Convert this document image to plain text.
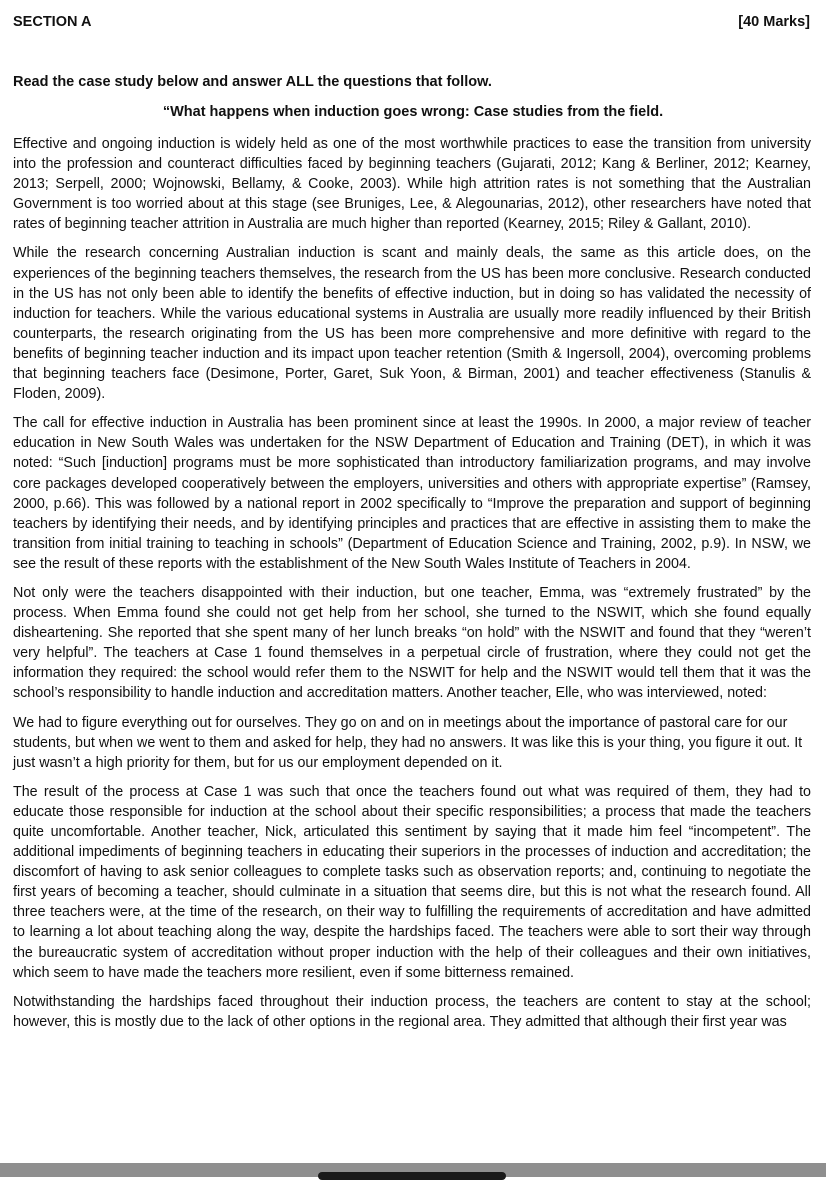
SECTION A	[40 Marks]
Read the case study below and answer ALL the questions that follow.
“What happens when induction goes wrong: Case studies from the field.

Effective and ongoing induction is widely held as one of the most worthwhile practices to ease the transition from university into the profession and counteract difficulties faced by beginning teachers (Gujarati, 2012; Kang & Berliner, 2012; Kearney, 2013; Serpell, 2000; Wojnowski, Bellamy, & Cooke, 2003). While high attrition rates is not something that the Australian Government is too worried about at this stage (see Bruniges, Lee, & Alegounarias, 2012), other researchers have noted that rates of beginning teacher attrition in Australia are much higher than reported (Kearney, 2015; Riley & Gallant, 2010).

While the research concerning Australian induction is scant and mainly deals, the same as this article does, on the experiences of the beginning teachers themselves, the research from the US has been more conclusive. Research conducted in the US has not only been able to identify the benefits of effective induction, but in doing so has validated the necessity of induction for teachers. While the various educational systems in Australia are usually more readily influenced by their British counterparts, the research originating from the US has been more comprehensive and more definitive with regard to the benefits of beginning teacher induction and its impact upon teacher retention (Smith & Ingersoll, 2004), overcoming problems that beginning teachers face (Desimone, Porter, Garet, Suk Yoon, & Birman, 2001) and teacher effectiveness (Stanulis & Floden, 2009).

The call for effective induction in Australia has been prominent since at least the 1990s. In 2000, a major review of teacher education in New South Wales was undertaken for the NSW Department of Education and Training (DET), in which it was noted: “Such [induction] programs must be more sophisticated than introductory familiarization programs, and may involve core packages developed cooperatively between the employers, universities and others with appropriate expertise” (Ramsey, 2000, p.66). This was followed by a national report in 2002 specifically to “Improve the preparation and support of beginning teachers by identifying their needs, and by identifying principles and practices that are effective in assisting them to make the transition from initial training to teaching in schools” (Department of Education Science and Training, 2002, p.9). In NSW, we see the result of these reports with the establishment of the New South Wales Institute of Teachers in 2004.

Not only were the teachers disappointed with their induction, but one teacher, Emma, was “extremely frustrated” by the process. When Emma found she could not get help from her school, she turned to the NSWIT, which she found equally disheartening. She reported that she spent many of her lunch breaks “on hold” with the NSWIT and found that they “weren’t very helpful”. The teachers at Case 1 found themselves in a perpetual circle of frustration, where they could not get the information they required: the school would refer them to the NSWIT for help and the NSWIT would tell them that it was the school’s responsibility to handle induction and accreditation matters. Another teacher, Elle, who was interviewed, noted:

We had to figure everything out for ourselves. They go on and on in meetings about the importance of pastoral care for our students, but when we went to them and asked for help, they had no answers. It was like this is your thing, you figure it out. It just wasn’t a high priority for them, but for us our employment depended on it.

The result of the process at Case 1 was such that once the teachers found out what was required of them, they had to educate those responsible for induction at the school about their specific responsibilities; a process that made the teachers quite uncomfortable. Another teacher, Nick, articulated this sentiment by saying that it made him feel “incompetent”. The additional impediments of beginning teachers in educating their superiors in the processes of induction and accreditation; the discomfort of having to ask senior colleagues to complete tasks such as observation reports; and, continuing to negotiate the first years of becoming a teacher, should culminate in a situation that seems dire, but this is not what the research found. All three teachers were, at the time of the research, on their way to fulfilling the requirements of accreditation and have admitted to learning a lot about teaching along the way, despite the hardships faced. The teachers were able to sort their way through the bureaucratic system of accreditation without proper induction with the help of their colleagues and their own initiatives, which seem to have made the teachers more resilient, even if some bitterness remained.

Notwithstanding the hardships faced throughout their induction process, the teachers are content to stay at the school; however, this is mostly due to the lack of other options in the regional area. They admitted that although their first year was
